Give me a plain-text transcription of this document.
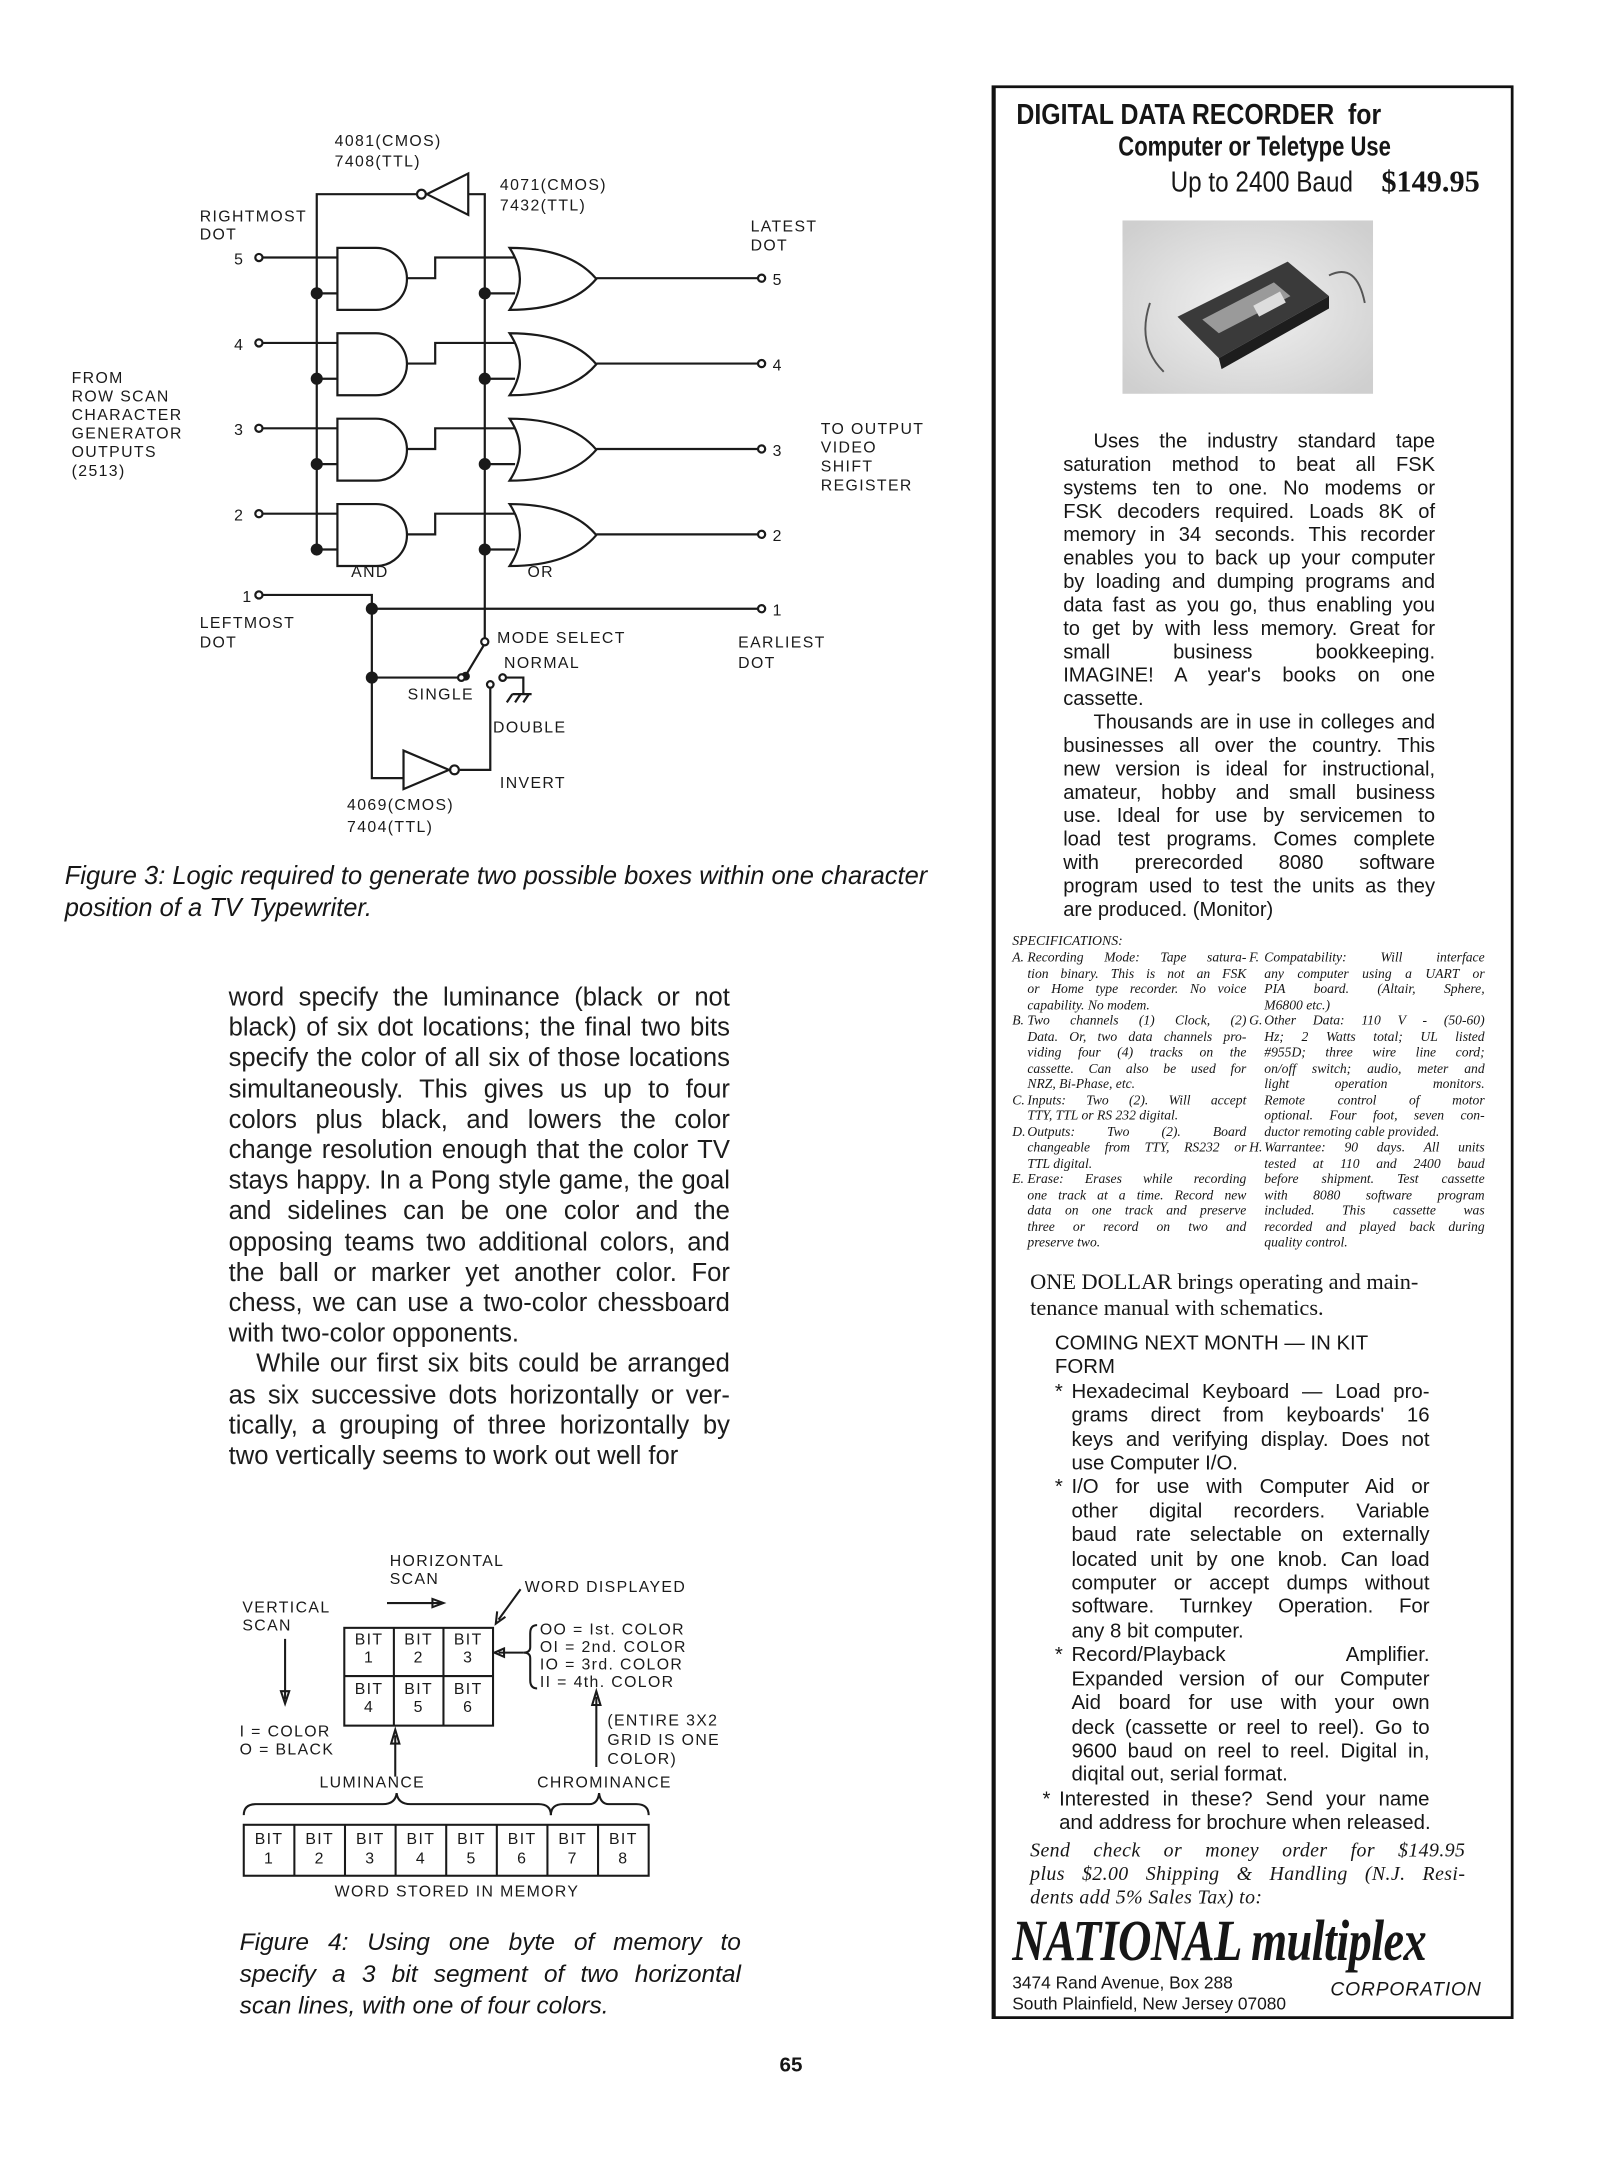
4081(CMOS)
7408(TTL)
4071(CMOS)
7432(TTL)
RIGHTMOST
DOT	LATEST
DOT
FROM
ROW SCAN
CHARACTER
GENERATOR
OUTPUTS
(2513)
TO OUTPUT
VIDEO
SHIFT
REGISTER
AND	OR
LEFTMOST
DOT	EARLIEST
DOT
MODE SELECT
NORMAL
SINGLE
DOUBLE
INVERT
4069(CMOS)
7404(TTL)
5
5
4
4
3
3
2
2
1
1
HORIZONTAL
SCAN
VERTICAL
SCAN
WORD DISPLAYED
BIT
1
BIT
2
BIT
3
BIT
4
BIT
5
BIT
6
OO = Ist. COLOR
OI = 2nd. COLOR
IO = 3rd. COLOR
II = 4th. COLOR
(ENTIRE 3X2
GRID IS ONE
COLOR)
I = COLOR
O = BLACK
LUMINANCE	CHROMINANCE
BIT
1
BIT
2
BIT
3
BIT
4
BIT
5
BIT
6
BIT
7
BIT
8
WORD STORED IN MEMORY
Figure 3: Logic required to generate two possible boxes within one character
position of a TV Typewriter.
word specify the luminance (black or not
black) of six dot locations; the final two bits
specify the color of all six of those locations
simultaneously. This gives us up to four
colors plus black, and lowers the color
change resolution enough that the color TV
stays happy. In a Pong style game, the goal
and sidelines can be one color and the
opposing teams two additional colors, and
the ball or marker yet another color. For
chess, we can use a two-color chessboard
with two-color opponents.
While our first six bits could be arranged
as six successive dots horizontally or ver-
tically, a grouping of three horizontally by
two vertically seems to work out well for
Figure 4: Using one byte of memory to
specify a 3 bit segment of two horizontal
scan lines, with one of four colors.
65
DIGITAL DATA RECORDER for
Computer or Teletype Use
Up to 2400 Baud $149.95
Uses the industry standard tape
saturation method to beat all FSK
systems ten to one. No modems or
FSK decoders required. Loads 8K of
memory in 34 seconds. This recorder
enables you to back up your computer
by loading and dumping programs and
data fast as you go, thus enabling you
to get by with less memory. Great for
small business bookkeeping.
IMAGINE! A year's books on one
cassette.
Thousands are in use in colleges and
businesses all over the country. This
new version is ideal for instructional,
amateur, hobby and small business
use. Ideal for use by servicemen to
load test programs. Comes complete
with prerecorded 8080 software
program used to test the units as they
are produced. (Monitor)
SPECIFICATIONS:
A. Recording Mode: Tape satura-
tion binary. This is not an FSK
or Home type recorder. No voice
capability. No modem.
B. Two channels (1) Clock, (2)
Data. Or, two data channels pro-
viding four (4) tracks on the
cassette. Can also be used for
NRZ, Bi-Phase, etc.
C. Inputs: Two (2). Will accept
TTY, TTL or RS 232 digital.
D. Outputs: Two (2). Board
changeable from TTY, RS232 or
TTL digital.
E. Erase: Erases while recording
one track at a time. Record new
data on one track and preserve
three or record on two and
preserve two.
F. Compatability: Will interface
any computer using a UART or
PIA board. (Altair, Sphere,
M6800 etc.)
G. Other Data: 110 V - (50-60)
Hz; 2 Watts total; UL listed
#955D; three wire line cord;
on/off switch; audio, meter and
light operation monitors.
Remote control of motor
optional. Four foot, seven con-
ductor remoting cable provided.
H. Warrantee: 90 days. All units
tested at 110 and 2400 baud
before shipment. Test cassette
with 8080 software program
included. This cassette was
recorded and played back during
quality control.
ONE DOLLAR brings operating and main-
tenance manual with schematics.
COMING NEXT MONTH — IN KIT
FORM
* Hexadecimal Keyboard — Load pro-
grams direct from keyboards' 16
keys and verifying display. Does not
use Computer I/O.
* I/O for use with Computer Aid or
other digital recorders. Variable
baud rate selectable on externally
located unit by one knob. Can load
computer or accept dumps without
software. Turnkey Operation. For
any 8 bit computer.
* Record/Playback Amplifier.
Expanded version of our Computer
Aid board for use with your own
deck (cassette or reel to reel). Go to
9600 baud on reel to reel. Digital in,
diqital out, serial format.
* Interested in these? Send your name
and address for brochure when released.
Send check or money order for $149.95
plus $2.00 Shipping & Handling (N.J. Resi-
dents add 5% Sales Tax) to:
NATIONAL multiplex
3474 Rand Avenue, Box 288
South Plainfield, New Jersey 07080
CORPORATION
